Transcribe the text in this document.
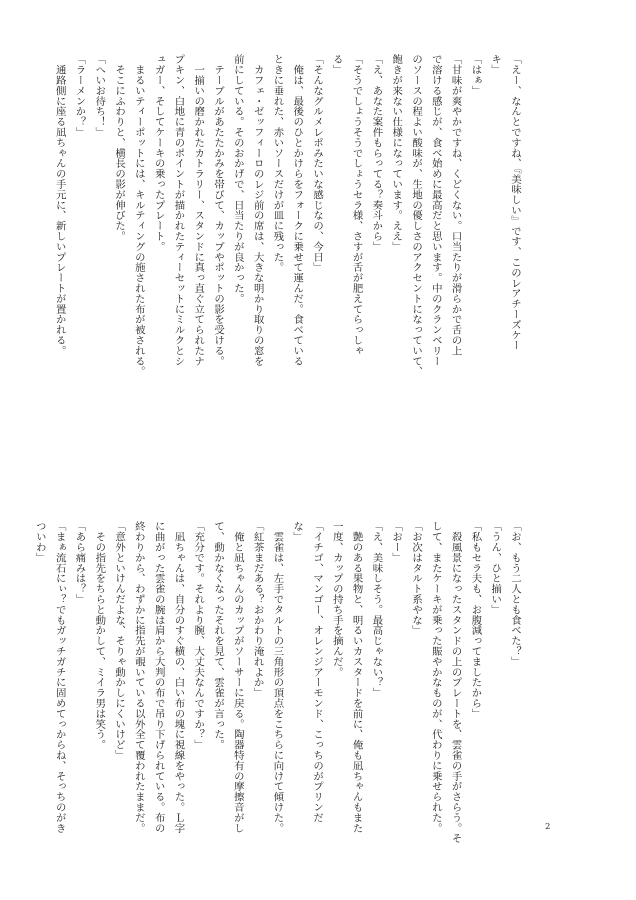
「えー、なんとですね、『美味しい』です、このレアチーズケー
キ」
「はぁ」
「甘味が爽やかですね、くどくない。口当たりが滑らかで舌の上
で溶ける感じが、食べ始めに最高だと思います。中のクランベリー
のソースの程よい酸味が、生地の優しさのアクセントになっていて、
飽きが来ない仕様になっています。ええ」
「え、あなた案件もらってる？奏斗から」
「そうでしょうそうでしょうセラ様、さすが舌が肥えてらっしゃ
る」
「そんなグルメレポみたいな感じなの、今日」
　俺は、最後のひとかけらをフォークに乗せて運んだ。食べている
ときに垂れた、赤いソースだけが皿に残った。
　カフェ・ゼッフィーロのレジ前の席は、大きな明かり取りの窓を
前にしている。そのおかげで、日当たりが良かった。
　テーブルがあたたかみを帯びて、カップやポットの影を受ける。
　一揃いの磨かれたカトラリー、スタンドに真っ直ぐ立てられたナ
プキン、白地に青のポイントが描かれたティーセットにミルクとシ
ュガー、そしてケーキの乗ったプレート。
　まるいティーポットには、キルティングの施された布が被される。
　そこにふわりと、横長の影が伸びた。
「へいお待ち！」
「ラーメンか？」
　通路側に座る凪ちゃんの手元に、新しいプレートが置かれる。
「お、もう二人とも食べた？」
「うん、ひと揃い」
「私もセラ夫も、お腹減ってましたから」
　殺風景になったスタンドの上のプレートを、雲雀の手がさらう。そ
して、またケーキが乗った賑やかなものが、代わりに乗せられた。
「お次はタルト系やな」
「おー」
「え、美味しそう。最高じゃない？」
　艶のある果物と、明るいカスタードを前に、俺も凪ちゃんもまた
一度、カップの持ち手を摘んだ。
「イチゴ、マンゴー、オレンジアーモンド、こっちのがプリンだ
な」
　雲雀は、左手でタルトの三角形の頂点をこちらに向けて傾けた。
「紅茶まだある？おかわり淹れよか」
　俺と凪ちゃんのカップがソーサーに戻る。陶器特有の摩擦音がし
て、動かなくなったそれを見て、雲雀が言った。
「充分です。それより腕、大丈夫なんですか？」
　凪ちゃんは、自分のすぐ横の、白い布の塊に視線をやった。Ｌ字
に曲がった雲雀の腕は肩から大判の布で吊り下げられている。布の
終わりから、わずかに指先が覗いている以外全て覆われたままだ。
「意外といけんだよな、そりゃ動かしにくいけど」
　その指先をちらと動かして、ミイラ男は笑う。
「あら痛みは？」
「まぁ流石にぃ？でもガッチガチに固めてっからね、そっちのがき
ついわ」
2
